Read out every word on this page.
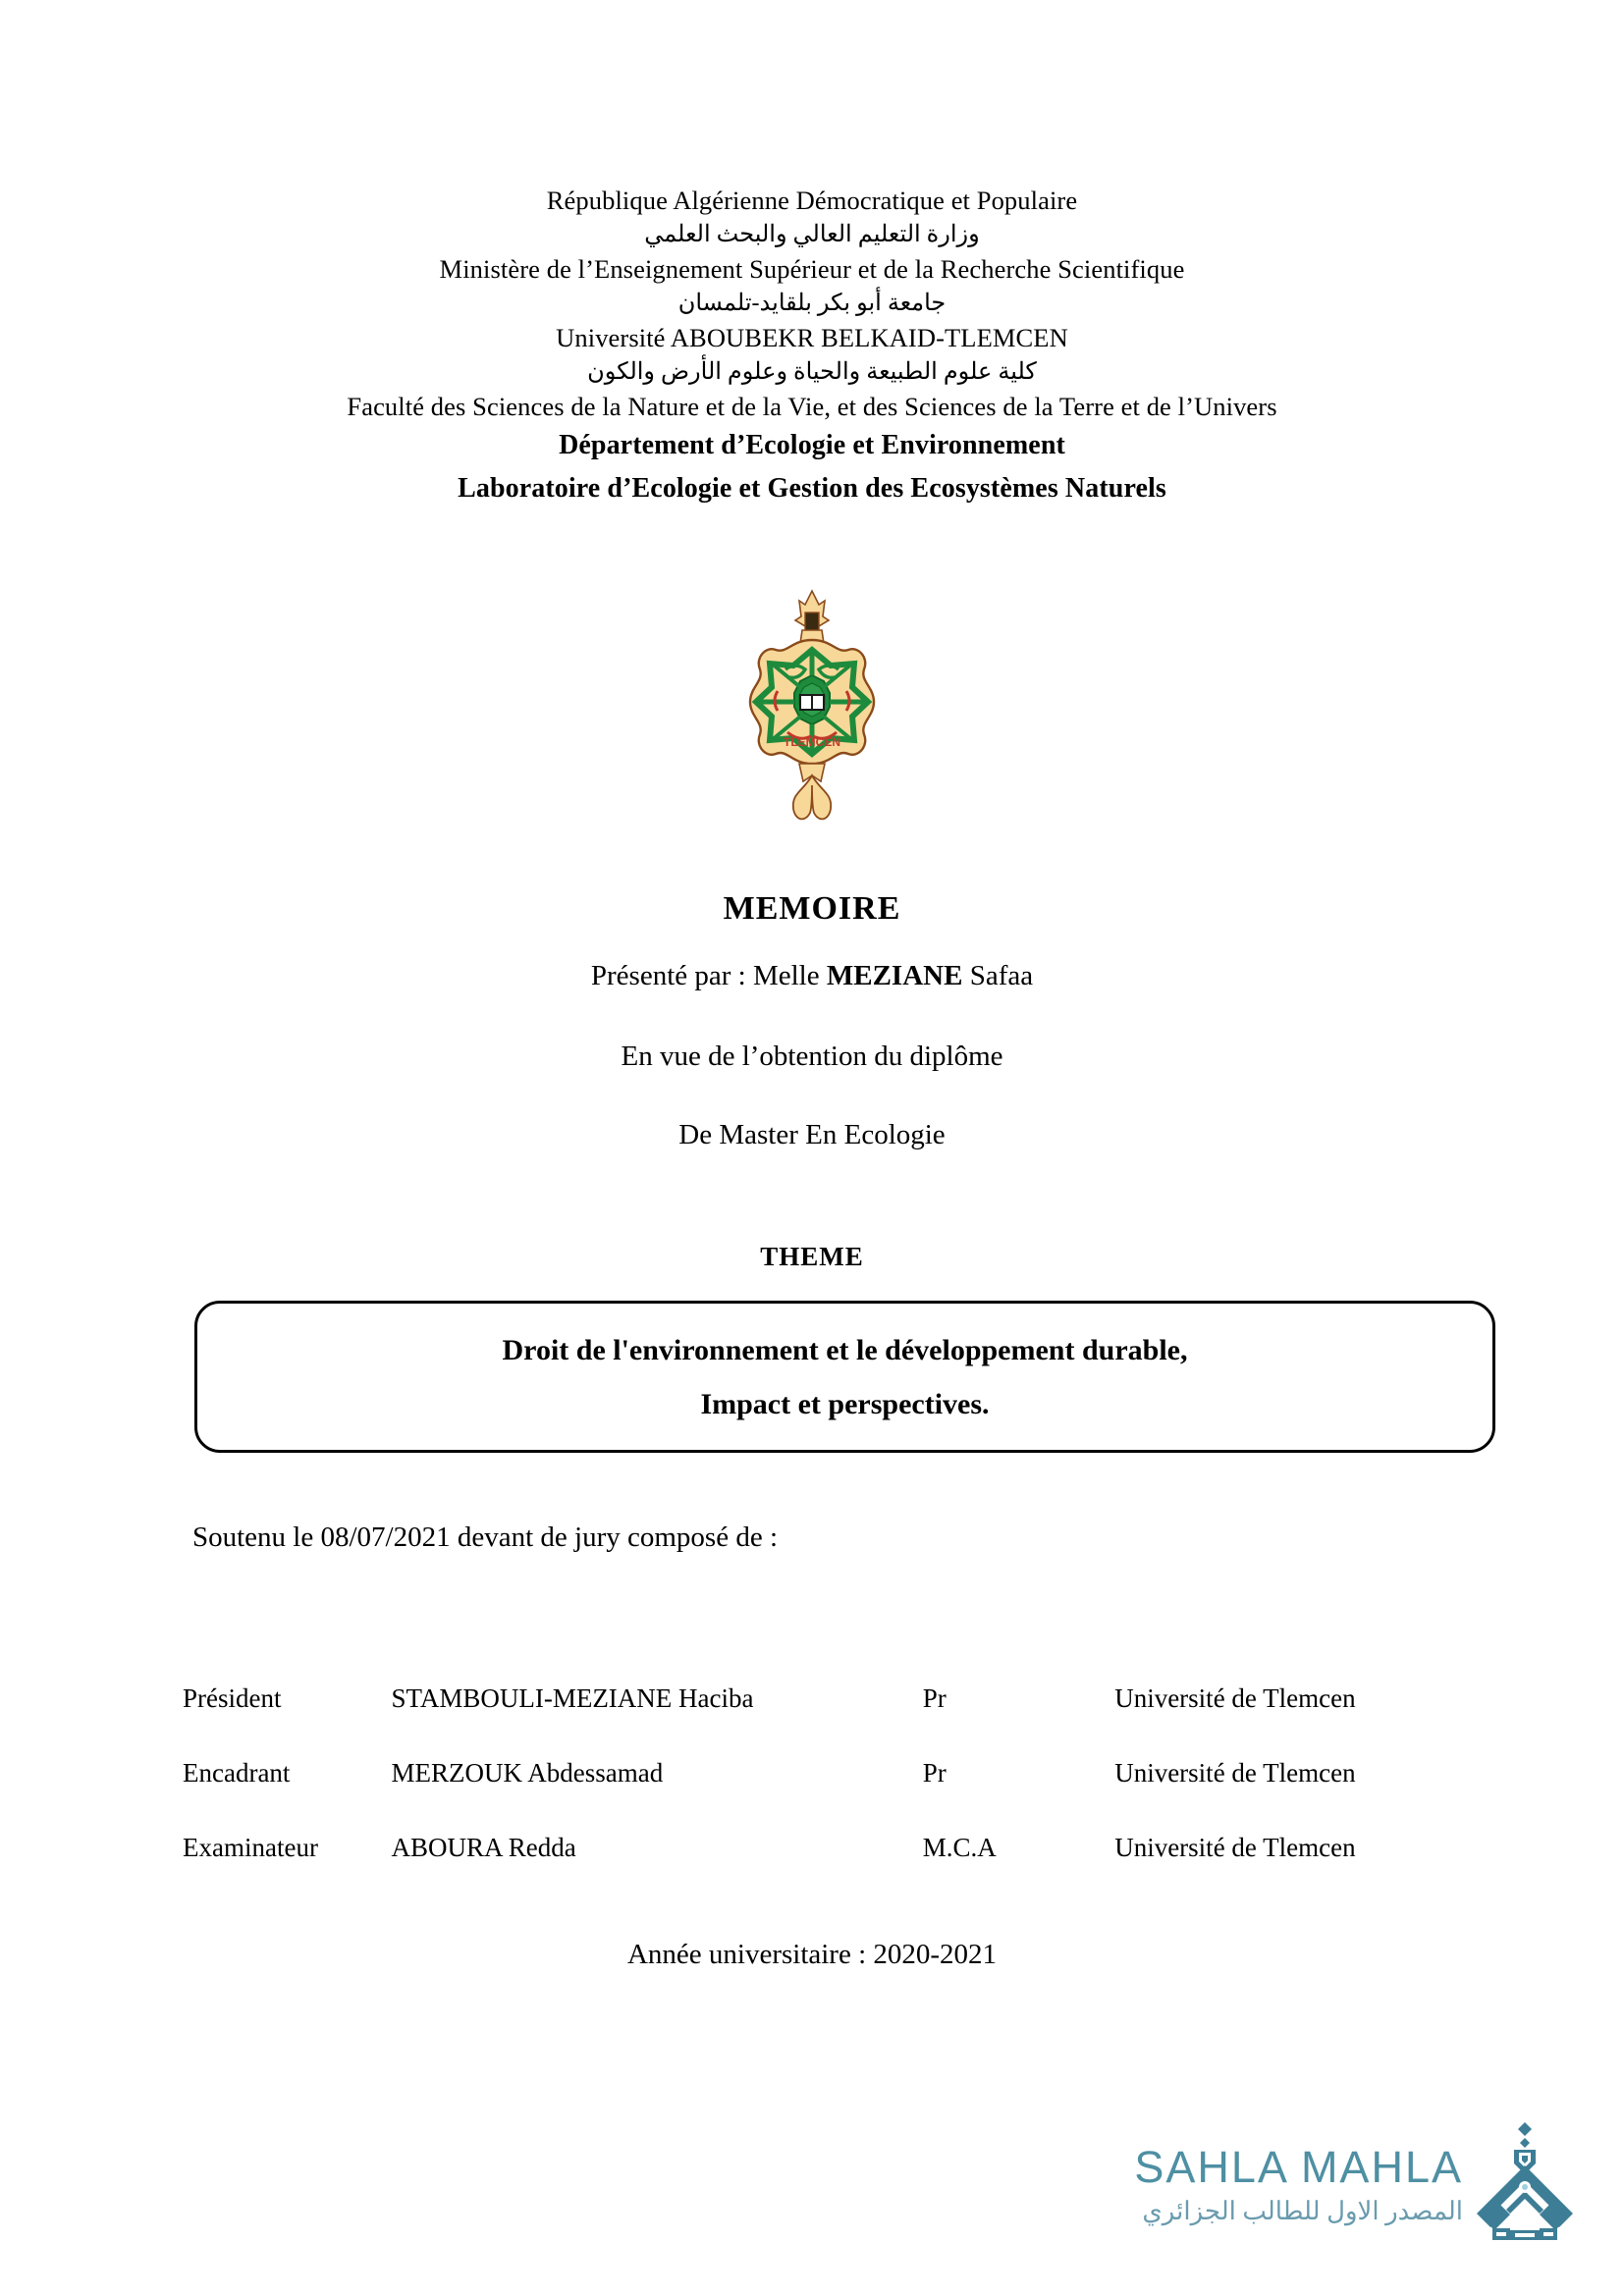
République Algérienne Démocratique et Populaire
وزارة التعليم العالي والبحث العلمي
Ministère de l’Enseignement Supérieur et de la Recherche Scientifique
جامعة أبو بكر بلقايد-تلمسان
Université ABOUBEKR BELKAID-TLEMCEN
كلية علوم الطبيعة والحياة وعلوم الأرض والكون
Faculté des Sciences de la Nature et de la Vie, et des Sciences de la Terre et de l’Univers
Département d’Ecologie et Environnement
Laboratoire d’Ecologie et Gestion des Ecosystèmes Naturels
TLEMCEN
MEMOIRE
Présenté par : Melle MEZIANE Safaa
En vue de l’obtention du diplôme
De Master En Ecologie
THEME
Droit de l'environnement et le développement durable,
Impact et perspectives.
Soutenu le 08/07/2021 devant de jury composé de :
Président	STAMBOULI-MEZIANE Haciba	Pr	Université de Tlemcen
Encadrant	MERZOUK Abdessamad	Pr	Université de Tlemcen
Examinateur	ABOURA Redda	M.C.A	Université de Tlemcen
Année universitaire : 2020-2021
SAHLA MAHLA
المصدر الاول للطالب الجزائري
